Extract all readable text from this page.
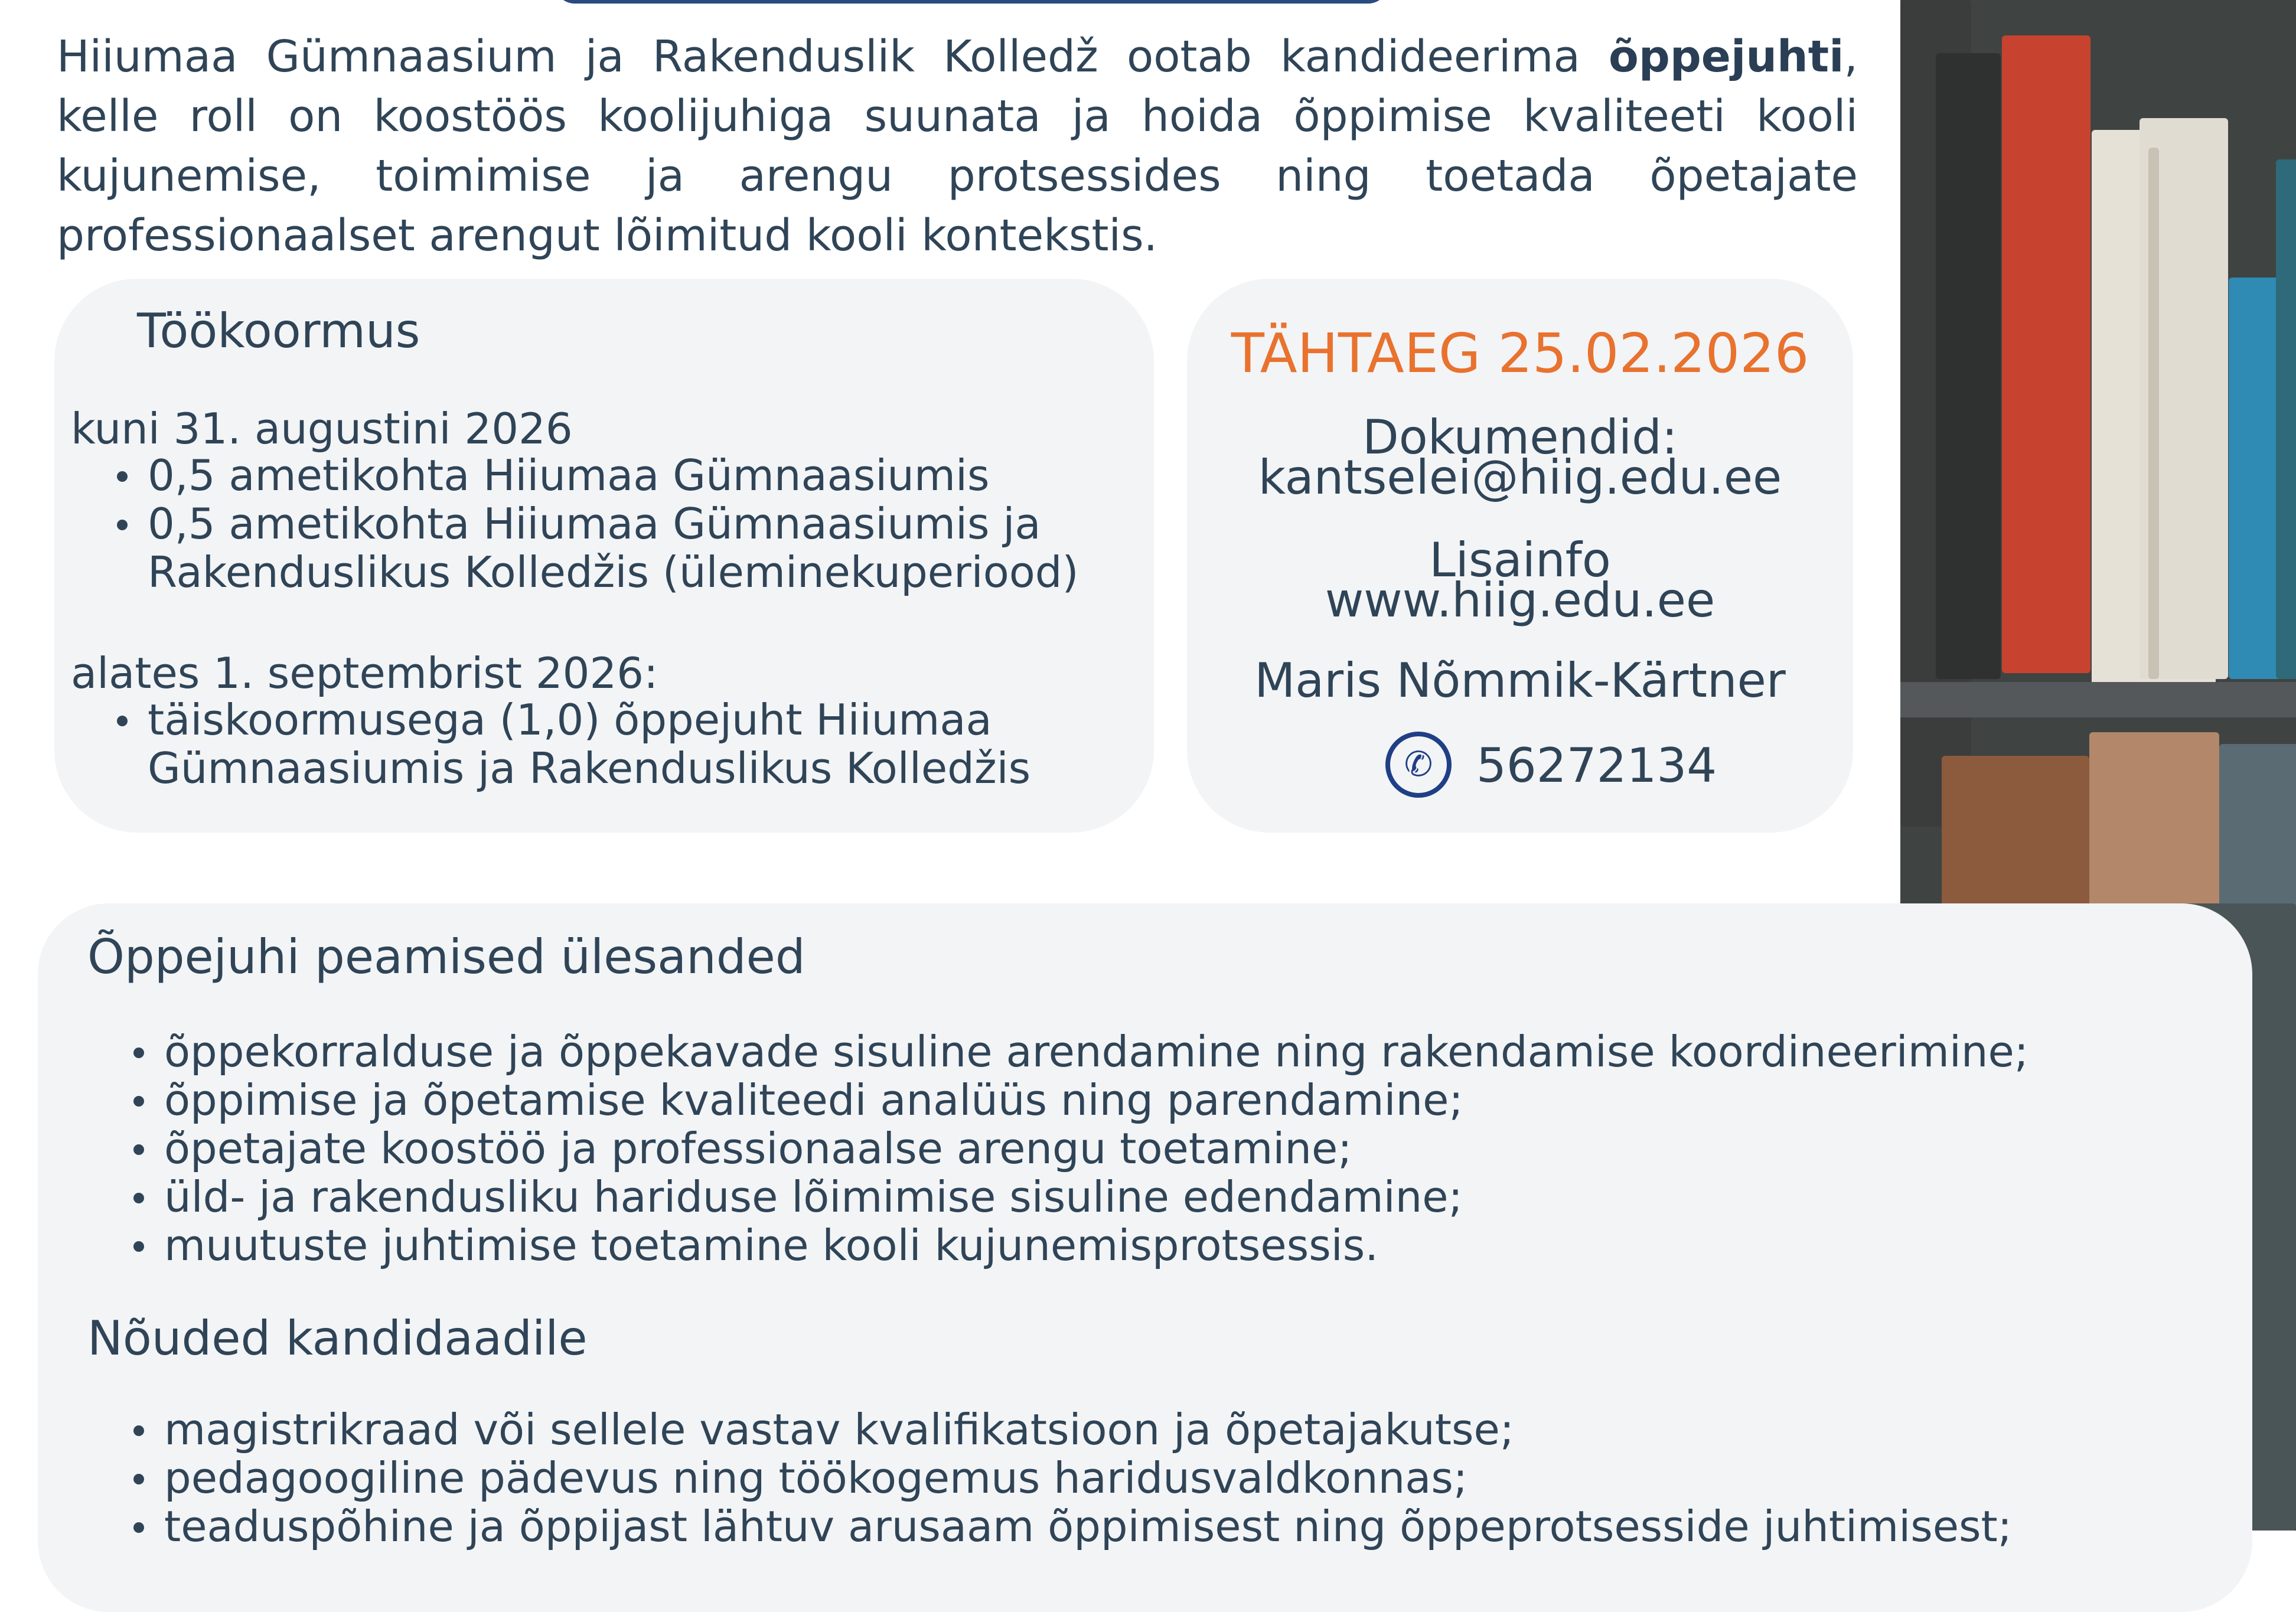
Hiiumaa Gümnaasium ja Rakenduslik Kolledž ootab kandideerima õppejuhti, kelle roll on koostöös koolijuhiga suunata ja hoida õppimise kvaliteeti kooli kujunemise, toimimise ja arengu protsessides ning toetada õpetajate professionaalset arengut lõimitud kooli kontekstis.
Töökoormus
kuni 31. augustini 2026
0,5 ametikohta Hiiumaa Gümnaasiumis
0,5 ametikohta Hiiumaa Gümnaasiumis ja Rakenduslikus Kolledžis (üleminekuperiood)
alates 1. septembrist 2026:
täiskoormusega (1,0) õppejuht Hiiumaa Gümnaasiumis ja Rakenduslikus Kolledžis
TÄHTAEG 25.02.2026
Dokumendid:
kantselei@hiig.edu.ee
Lisainfo
www.hiig.edu.ee
Maris Nõmmik-Kärtner
✆ 56272134
Õppejuhi peamised ülesanded
õppekorralduse ja õppekavade sisuline arendamine ning rakendamise koordineerimine;
õppimise ja õpetamise kvaliteedi analüüs ning parendamine;
õpetajate koostöö ja professionaalse arengu toetamine;
üld- ja rakendusliku hariduse lõimimise sisuline edendamine;
muutuste juhtimise toetamine kooli kujunemisprotsessis.
Nõuded kandidaadile
magistrikraad või sellele vastav kvalifikatsioon ja õpetajakutse;
pedagoogiline pädevus ning töökogemus haridusvaldkonnas;
teaduspõhine ja õppijast lähtuv arusaam õppimisest ning õppeprotsesside juhtimisest;
